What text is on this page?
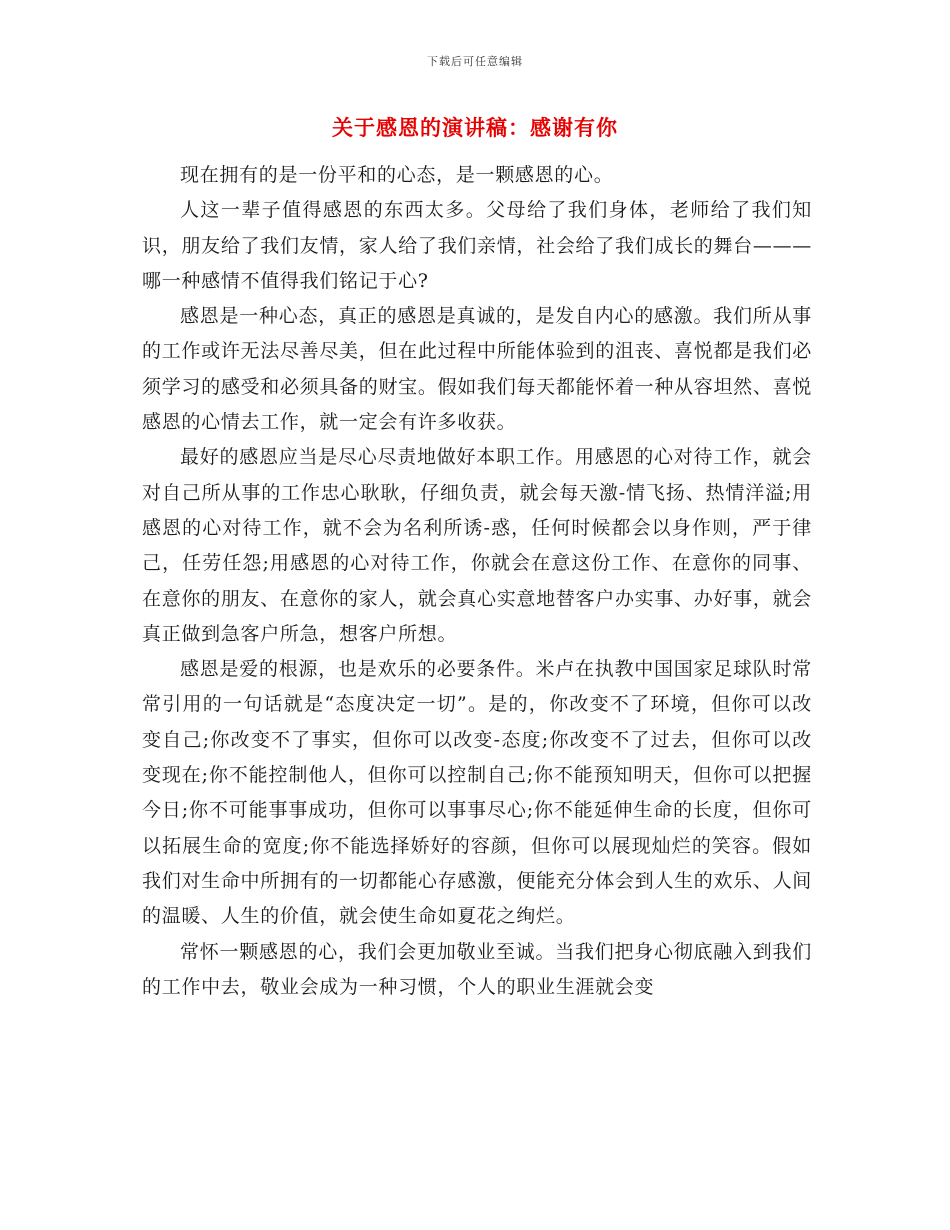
下载后可任意编辑
关于感恩的演讲稿：感谢有你

现在拥有的是一份平和的心态，是一颗感恩的心。

人这一辈子值得感恩的东西太多。父母给了我们身体，老师给了我们知识，朋友给了我们友情，家人给了我们亲情，社会给了我们成长的舞台———哪一种感情不值得我们铭记于心?

感恩是一种心态，真正的感恩是真诚的，是发自内心的感激。我们所从事的工作或许无法尽善尽美，但在此过程中所能体验到的沮丧、喜悦都是我们必须学习的感受和必须具备的财宝。假如我们每天都能怀着一种从容坦然、喜悦感恩的心情去工作，就一定会有许多收获。

最好的感恩应当是尽心尽责地做好本职工作。用感恩的心对待工作，就会对自己所从事的工作忠心耿耿，仔细负责，就会每天激-情飞扬、热情洋溢;用感恩的心对待工作，就不会为名利所诱-惑，任何时候都会以身作则，严于律己，任劳任怨;用感恩的心对待工作，你就会在意这份工作、在意你的同事、在意你的朋友、在意你的家人，就会真心实意地替客户办实事、办好事，就会真正做到急客户所急，想客户所想。

感恩是爱的根源，也是欢乐的必要条件。米卢在执教中国国家足球队时常常引用的一句话就是“态度决定一切”。是的，你改变不了环境，但你可以改变自己;你改变不了事实，但你可以改变-态度;你改变不了过去，但你可以改变现在;你不能控制他人，但你可以控制自己;你不能预知明天，但你可以把握今日;你不可能事事成功，但你可以事事尽心;你不能延伸生命的长度，但你可以拓展生命的宽度;你不能选择娇好的容颜，但你可以展现灿烂的笑容。假如我们对生命中所拥有的一切都能心存感激，便能充分体会到人生的欢乐、人间的温暖、人生的价值，就会使生命如夏花之绚烂。

常怀一颗感恩的心，我们会更加敬业至诚。当我们把身心彻底融入到我们的工作中去，敬业会成为一种习惯，个人的职业生涯就会变
